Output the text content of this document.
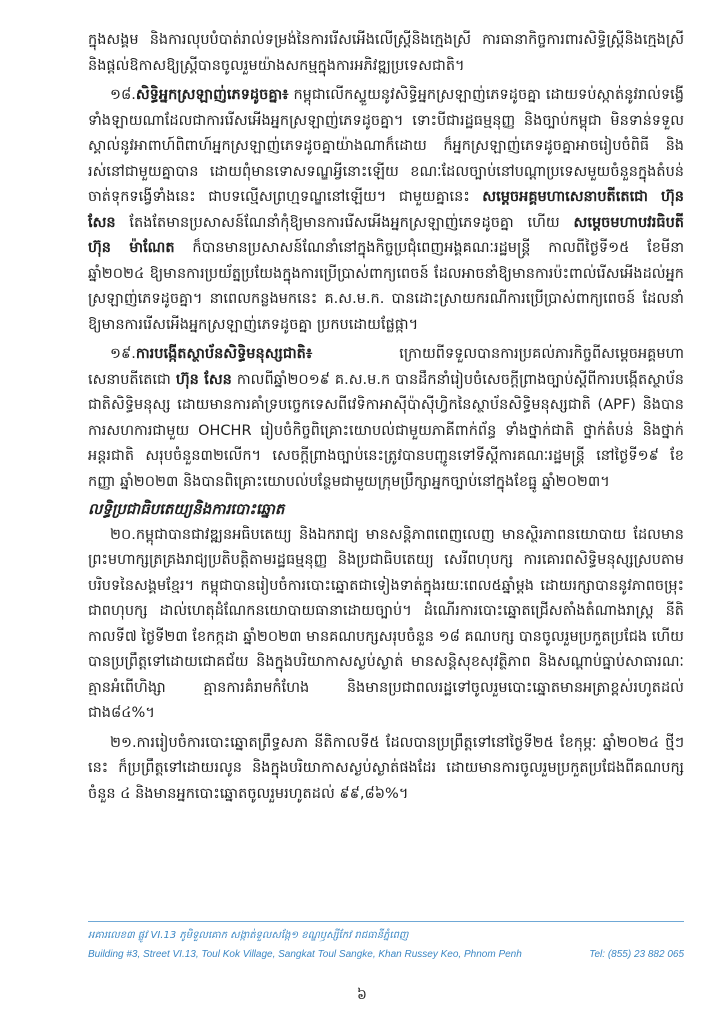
ក្នុងសង្គម និងការលុបបំបាត់រាល់ទម្រង់នៃការរើសអើងលើស្ត្រីនិងក្មេងស្រី ការធានាកិច្ចការពារសិទ្ធិស្ត្រីនិងក្មេងស្រី និងផ្តល់ឱកាសឱ្យស្ត្រីបានចូលរួមយ៉ាងសកម្មក្នុងការអភិវឌ្ឍប្រទេសជាតិ។

១៨.សិទ្ធិអ្នកស្រឡាញ់ភេទដូចគ្នា៖ កម្ពុជាលើកស្ទួយនូវសិទ្ធិអ្នកស្រឡាញ់ភេទដូចគ្នា ដោយទប់ស្កាត់នូវរាល់ទង្វើទាំងឡាយណាដែលជាការរើសអើងអ្នកស្រឡាញ់ភេទដូចគ្នា។ ទោះបីជារដ្ឋធម្មនុញ្ញ និងច្បាប់កម្ពុជា មិនទាន់ទទួលស្គាល់នូវអាពាហ៍ពិពាហ៍អ្នកស្រឡាញ់ភេទដូចគ្នាយ៉ាងណាក៏ដោយ ក៏អ្នកស្រឡាញ់ភេទដូចគ្នាអាចរៀបចំពិធី និងរស់នៅជាមួយគ្នាបាន ដោយពុំមានទោសទណ្ឌអ្វីនោះឡើយ ខណៈដែលច្បាប់នៅបណ្តាប្រទេសមួយចំនួនក្នុងតំបន់ចាត់ទុកទង្វើទាំងនេះ ជាបទល្មើសព្រហ្មទណ្ឌនៅឡើយ។ ជាមួយគ្នានេះ សម្តេចអគ្គមហាសេនាបតីតេជោ ហ៊ុន សែន តែងតែមានប្រសាសន៍ណែនាំកុំឱ្យមានការរើសអើងអ្នកស្រឡាញ់ភេទដូចគ្នា ហើយ សម្តេចមហាបវរធិបតី ហ៊ុន ម៉ាណែត ក៏បានមានប្រសាសន៍ណែនាំនៅក្នុងកិច្ចប្រជុំពេញអង្គគណៈរដ្ឋមន្ត្រី កាលពីថ្ងៃទី១៥ ខែមីនា ឆ្នាំ២០២៤ ឱ្យមានការប្រយ័ត្នប្រយែងក្នុងការប្រើប្រាស់ពាក្យពេចន៍ ដែលអាចនាំឱ្យមានការប៉ះពាល់រើសអើងដល់អ្នកស្រឡាញ់ភេទដូចគ្នា។ នាពេលកន្លងមកនេះ គ.ស.ម.ក. បានដោះស្រាយករណីការប្រើប្រាស់ពាក្យពេចន៍ ដែលនាំឱ្យមានការរើសអើងអ្នកស្រឡាញ់ភេទដូចគ្នា ប្រកបដោយផ្លែផ្កា។

១៩.ការបង្កើតស្ថាប័នសិទ្ធិមនុស្សជាតិ៖ ក្រោយពីទទួលបានការប្រគល់ភារកិច្ចពីសម្តេចអគ្គមហាសេនាបតីតេជោ ហ៊ុន សែន កាលពីឆ្នាំ២០១៩ គ.ស.ម.ក បានដឹកនាំរៀបចំសេចក្តីព្រាងច្បាប់ស្តីពីការបង្កើតស្ថាប័នជាតិសិទ្ធិមនុស្ស ដោយមានការគាំទ្របច្ចេកទេសពីវេទិកាអាស៊ីប៉ាស៊ីហ្វិកនៃស្ថាប័នសិទ្ធិមនុស្សជាតិ (APF) និងបានការសហការជាមួយ OHCHR រៀបចំកិច្ចពិគ្រោះយោបល់ជាមួយភាគីពាក់ព័ន្ធ ទាំងថ្នាក់ជាតិ ថ្នាក់តំបន់ និងថ្នាក់អន្តរជាតិ សរុបចំនួន៣២លើក។ សេចក្តីព្រាងច្បាប់នេះត្រូវបានបញ្ជូនទៅទីស្តីការគណៈរដ្ឋមន្ត្រី នៅថ្ងៃទី១៩ ខែកញ្ញា ឆ្នាំ២០២៣ និងបានពិគ្រោះយោបល់បន្ថែមជាមួយក្រុមប្រឹក្សាអ្នកច្បាប់នៅក្នុងខែធ្នូ ឆ្នាំ២០២៣។

លទ្ធិប្រជាធិបតេយ្យនិងការបោះឆ្នោត

២០.កម្ពុជាបានជាវឌ្ឍនអធិបតេយ្យ និងឯករាជ្យ មានសន្តិភាពពេញលេញ មានស្ថិរភាពនយោបាយ ដែលមានព្រះមហាក្សត្រគ្រងរាជ្យប្រតិបត្តិតាមរដ្ឋធម្មនុញ្ញ និងប្រជាធិបតេយ្យ សេរីពហុបក្ស ការគោរពសិទ្ធិមនុស្សស្របតាមបរិបទនៃសង្គមខ្មែរ។ កម្ពុជាបានរៀបចំការបោះឆ្នោតជាទៀងទាត់ក្នុងរយៈពេល៥ឆ្នាំម្តង ដោយរក្សាបាននូវភាពចម្រុះជាពហុបក្ស ដាល់ហេតុដំណែកនយោបាយធានាដោយច្បាប់។ ដំណើរការបោះឆ្នោតជ្រើសតាំងតំណាងរាស្ត្រ នីតិកាលទី៧ ថ្ងៃទី២៣ ខែកក្កដា ឆ្នាំ២០២៣ មានគណបក្សសរុបចំនួន ១៨ គណបក្ស បានចូលរួមប្រកួតប្រជែង ហើយបានប្រព្រឹត្តទៅដោយជោគជ័យ និងក្នុងបរិយាកាសស្ងប់ស្ងាត់ មានសន្តិសុខសុវត្ថិភាព និងសណ្តាប់ធ្នាប់សាធារណៈ គ្មានអំពើហិង្សា គ្មានការគំរាមកំហែង និងមានប្រជាពលរដ្ឋទៅចូលរួមបោះឆ្នោតមានអត្រាខ្ពស់រហូតដល់ជាង៨៤%។

២១.ការរៀបចំការបោះឆ្នោតព្រឹទ្ធសភា នីតិកាលទី៥ ដែលបានប្រព្រឹត្តទៅនៅថ្ងៃទី២៥ ខែកុម្ភៈ ឆ្នាំ២០២៤ ថ្មីៗនេះ ក៏ប្រព្រឹត្តទៅដោយរលូន និងក្នុងបរិយាកាសស្ងប់ស្ងាត់ផងដែរ ដោយមានការចូលរួមប្រកួតប្រជែងពីគណបក្សចំនួន ៤ និងមានអ្នកបោះឆ្នោតចូលរួមរហូតដល់ ៩៩,៨៦%។

អគារលេខ៣ ផ្លូវ VI.13 ភូមិទួលគោក សង្កាត់ទួលសង្កែ១ ខណ្ឌឫស្សីកែវ រាជធានីភ្នំពេញ
Building #3, Street VI.13, Toul Kok Village, Sangkat Toul Sangke, Khan Russey Keo, Phnom Penh	Tel: (855) 23 882 065
៦
